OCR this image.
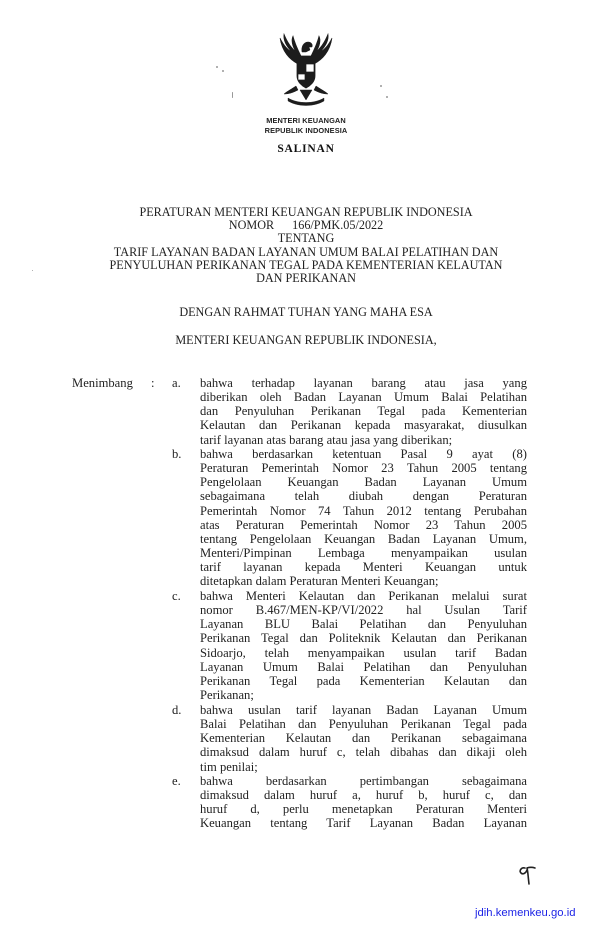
MENTERI KEUANGAN
REPUBLIK INDONESIA
SALINAN
PERATURAN MENTERI KEUANGAN REPUBLIK INDONESIA
NOMOR 166/PMK.05/2022
TENTANG
TARIF LAYANAN BADAN LAYANAN UMUM BALAI PELATIHAN DAN
PENYULUHAN PERIKANAN TEGAL PADA KEMENTERIAN KELAUTAN
DAN PERIKANAN
DENGAN RAHMAT TUHAN YANG MAHA ESA
MENTERI KEUANGAN REPUBLIK INDONESIA,
Menimbang : a. bahwa terhadap layanan barang atau jasa yang
diberikan oleh Badan Layanan Umum Balai Pelatihan
dan Penyuluhan Perikanan Tegal pada Kementerian
Kelautan dan Perikanan kepada masyarakat, diusulkan
tarif layanan atas barang atau jasa yang diberikan;
b. bahwa berdasarkan ketentuan Pasal 9 ayat (8)
Peraturan Pemerintah Nomor 23 Tahun 2005 tentang
Pengelolaan Keuangan Badan Layanan Umum
sebagaimana telah diubah dengan Peraturan
Pemerintah Nomor 74 Tahun 2012 tentang Perubahan
atas Peraturan Pemerintah Nomor 23 Tahun 2005
tentang Pengelolaan Keuangan Badan Layanan Umum,
Menteri/Pimpinan Lembaga menyampaikan usulan
tarif layanan kepada Menteri Keuangan untuk
ditetapkan dalam Peraturan Menteri Keuangan;
c. bahwa Menteri Kelautan dan Perikanan melalui surat
nomor B.467/MEN-KP/VI/2022 hal Usulan Tarif
Layanan BLU Balai Pelatihan dan Penyuluhan
Perikanan Tegal dan Politeknik Kelautan dan Perikanan
Sidoarjo, telah menyampaikan usulan tarif Badan
Layanan Umum Balai Pelatihan dan Penyuluhan
Perikanan Tegal pada Kementerian Kelautan dan
Perikanan;
d. bahwa usulan tarif layanan Badan Layanan Umum
Balai Pelatihan dan Penyuluhan Perikanan Tegal pada
Kementerian Kelautan dan Perikanan sebagaimana
dimaksud dalam huruf c, telah dibahas dan dikaji oleh
tim penilai;
e. bahwa berdasarkan pertimbangan sebagaimana
dimaksud dalam huruf a, huruf b, huruf c, dan
huruf d, perlu menetapkan Peraturan Menteri
Keuangan tentang Tarif Layanan Badan Layanan
jdih.kemenkeu.go.id
